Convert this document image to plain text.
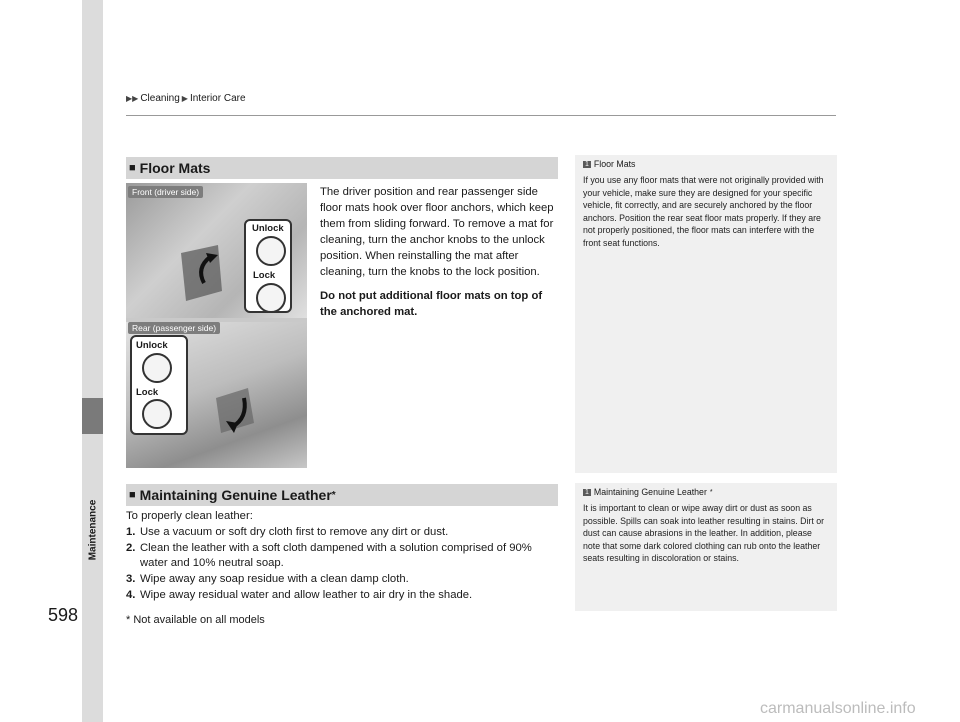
Maintenance
▶▶ Cleaning ▶ Interior Care
■ Floor Mats
Front (driver side)
Rear (passenger side)
Unlock
Lock
Unlock
Lock

The driver position and rear passenger side floor mats hook over floor anchors, which keep them from sliding forward. To remove a mat for cleaning, turn the anchor knobs to the unlock position. When reinstalling the mat after cleaning, turn the knobs to the lock position.

Do not put additional floor mats on top of the anchored mat.

1 Floor Mats
If you use any floor mats that were not originally provided with your vehicle, make sure they are designed for your specific vehicle, fit correctly, and are securely anchored by the floor anchors. Position the rear seat floor mats properly. If they are not properly positioned, the floor mats can interfere with the front seat functions.
■ Maintaining Genuine Leather *

To properly clean leather:

1. Use a vacuum or soft dry cloth first to remove any dirt or dust.
2. Clean the leather with a soft cloth dampened with a solution comprised of 90% water and 10% neutral soap.
3. Wipe away any soap residue with a clean damp cloth.
4. Wipe away residual water and allow leather to air dry in the shade.
1 Maintaining Genuine Leather *
It is important to clean or wipe away dirt or dust as soon as possible. Spills can soak into leather resulting in stains. Dirt or dust can cause abrasions in the leather. In addition, please note that some dark colored clothing can rub onto the leather seats resulting in discoloration or stains.
598	* Not available on all models
carmanualsonline.info
